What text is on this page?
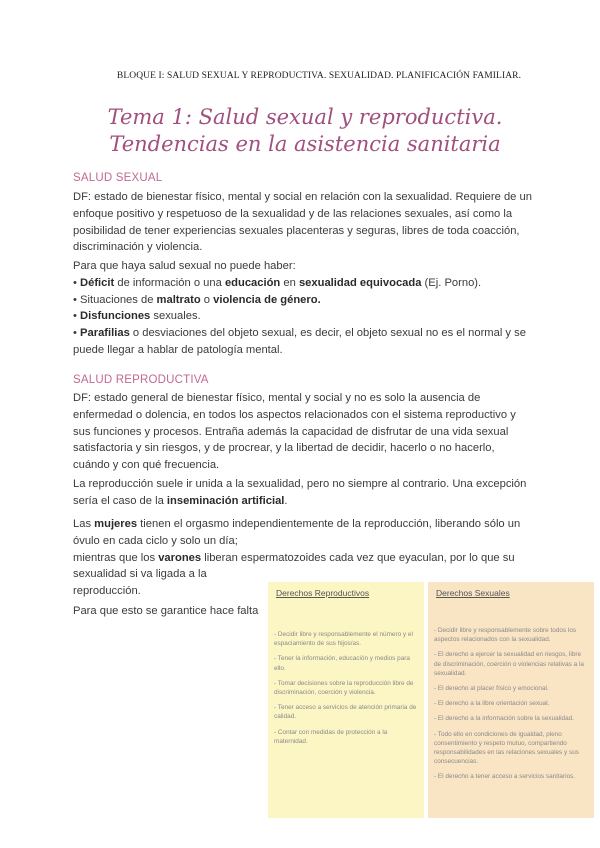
BLOQUE I: SALUD SEXUAL Y REPRODUCTIVA. SEXUALIDAD. PLANIFICACIÓN FAMILIAR.
Tema 1: Salud sexual y reproductiva. Tendencias en la asistencia sanitaria
SALUD SEXUAL

DF: estado de bienestar físico, mental y social en relación con la sexualidad. Requiere de un enfoque positivo y respetuoso de la sexualidad y de las relaciones sexuales, así como la posibilidad de tener experiencias sexuales placenteras y seguras, libres de toda coacción, discriminación y violencia.

Para que haya salud sexual no puede haber:

• Déficit de información o una educación en sexualidad equivocada (Ej. Porno).

• Situaciones de maltrato o violencia de género.

• Disfunciones sexuales.

• Parafilias o desviaciones del objeto sexual, es decir, el objeto sexual no es el normal y se puede llegar a hablar de patología mental.

SALUD REPRODUCTIVA

DF: estado general de bienestar físico, mental y social y no es solo la ausencia de enfermedad o dolencia, en todos los aspectos relacionados con el sistema reproductivo y sus funciones y procesos. Entraña además la capacidad de disfrutar de una vida sexual satisfactoria y sin riesgos, y de procrear, y la libertad de decidir, hacerlo o no hacerlo, cuándo y con qué frecuencia.

La reproducción suele ir unida a la sexualidad, pero no siempre al contrario. Una excepción sería el caso de la inseminación artificial.

Las mujeres tienen el orgasmo independientemente de la reproducción, liberando sólo un óvulo en cada ciclo y solo un día;

mientras que los varones liberan espermatozoides cada vez que eyaculan, por lo que su sexualidad si va ligada a la

reproducción.

Para que esto se garantice hace falta

Derechos Reproductivos

- Decidir libre y responsablemente el número y el espaciamiento de sus hijos/as.

- Tener la información, educación y medios para ello.

- Tomar decisiones sobre la reproducción libre de discriminación, coerción y violencia.

- Tener acceso a servicios de atención primaria de calidad.

- Contar con medidas de protección a la maternidad.

Derechos Sexuales

- Decidir libre y responsablemente sobre todos los aspectos relacionados con la sexualidad.

- El derecho a ejercer la sexualidad en riesgos, libre de discriminación, coerción o violencias relativas a la sexualidad.

- El derecho al placer físico y emocional.

- El derecho a la libre orientación sexual.

- El derecho a la información sobre la sexualidad.

- Todo ello en condiciones de igualdad, pleno consentimiento y respeto mutuo, compartiendo responsabilidades en las relaciones sexuales y sus consecuencias.

- El derecho a tener acceso a servicios sanitarios.
